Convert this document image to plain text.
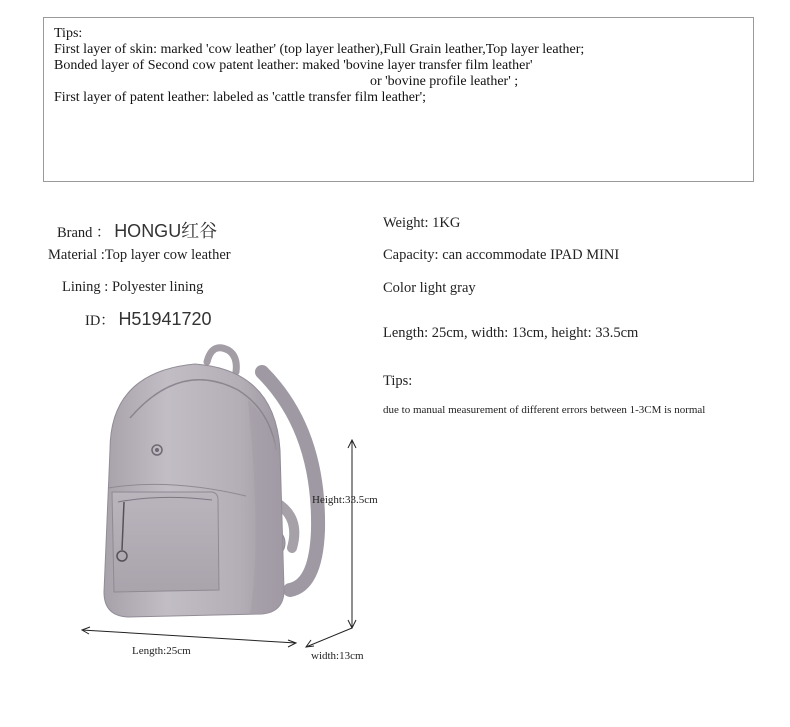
Tips:
First layer of skin: marked 'cow leather' (top layer leather),Full Grain leather,Top layer leather;
Bonded layer of Second cow patent leather: maked 'bovine layer transfer film leather'
or 'bovine profile leather' ;
First layer of patent leather: labeled as 'cattle transfer film leather';
Brand ： HONGU红谷
Material :Top layer cow leather
Lining : Polyester lining
ID： H51941720
Weight: 1KG
Capacity: can accommodate IPAD MINI
Color light gray
Length: 25cm, width: 13cm, height: 33.5cm
Tips:
due to manual measurement of different errors between 1-3CM is normal
Height:33.5cm
Length:25cm	width:13cm
